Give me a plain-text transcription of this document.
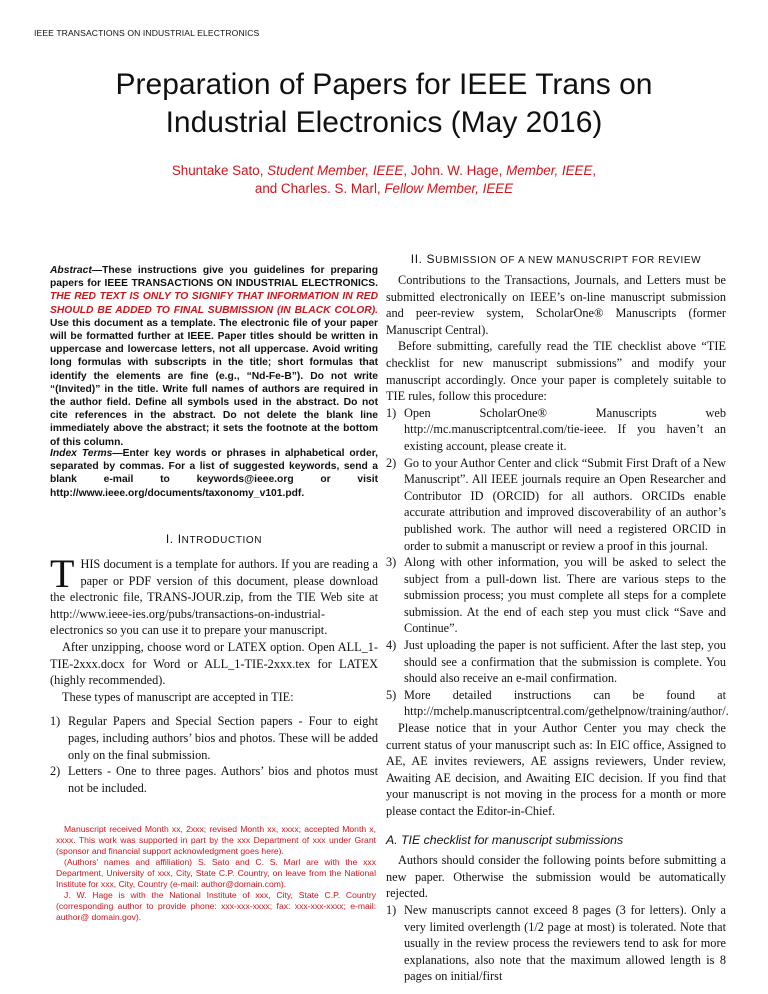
IEEE TRANSACTIONS ON INDUSTRIAL ELECTRONICS
Preparation of Papers for IEEE Trans on
Industrial Electronics (May 2016)
Shuntake Sato, Student Member, IEEE, John. W. Hage, Member, IEEE,
and Charles. S. Marl, Fellow Member, IEEE
Abstract—These instructions give you guidelines for preparing papers for IEEE TRANSACTIONS ON INDUSTRIAL ELECTRONICS. THE RED TEXT IS ONLY TO SIGNIFY THAT INFORMATION IN RED SHOULD BE ADDED TO FINAL SUBMISSION (IN BLACK COLOR). Use this document as a template. The electronic file of your paper will be formatted further at IEEE. Paper titles should be written in uppercase and lowercase letters, not all uppercase. Avoid writing long formulas with subscripts in the title; short formulas that identify the elements are fine (e.g., “Nd-Fe-B”). Do not write “(Invited)” in the title. Write full names of authors are required in the author field. Define all symbols used in the abstract. Do not cite references in the abstract. Do not delete the blank line immediately above the abstract; it sets the footnote at the bottom of this column.
Index Terms—Enter key words or phrases in alphabetical order, separated by commas. For a list of suggested keywords, send a blank e-mail to keywords@ieee.org or visit http://www.ieee.org/documents/taxonomy_v101.pdf.
I. INTRODUCTION

THIS document is a template for authors. If you are reading a paper or PDF version of this document, please download the electronic file, TRANS-JOUR.zip, from the TIE Web site at http://www.ieee-ies.org/pubs/transactions-on-industrial-electronics so you can use it to prepare your manuscript.

After unzipping, choose word or LATEX option. Open ALL_1-TIE-2xxx.docx for Word or ALL_1-TIE-2xxx.tex for LATEX (highly recommended).

These types of manuscript are accepted in TIE:

1) Regular Papers and Special Section papers - Four to eight pages, including authors’ bios and photos. These will be added only on the final submission.
2) Letters - One to three pages. Authors’ bios and photos must not be included.

Manuscript received Month xx, 2xxx; revised Month xx, xxxx; accepted Month x, xxxx. This work was supported in part by the xxx Department of xxx under Grant (sponsor and financial support acknowledgment goes here).

(Authors’ names and affiliation) S. Sato and C. S. Marl are with the xxx Department, University of xxx, City, State C.P. Country, on leave from the National Institute for xxx, City, Country (e-mail: author@domain.com).

J. W. Hage is with the National Institute of xxx, City, State C.P. Country (corresponding author to provide phone: xxx-xxx-xxxx; fax: xxx-xxx-xxxx; e-mail: author@ domain.gov).

II. SUBMISSION OF A NEW MANUSCRIPT FOR REVIEW

Contributions to the Transactions, Journals, and Letters must be submitted electronically on IEEE’s on-line manuscript submission and peer-review system, ScholarOne® Manuscripts (former Manuscript Central).

Before submitting, carefully read the TIE checklist above “TIE checklist for new manuscript submissions” and modify your manuscript accordingly. Once your paper is completely suitable to TIE rules, follow this procedure:

1) Open ScholarOne® Manuscripts web http://mc.manuscriptcentral.com/tie-ieee. If you haven’t an existing account, please create it.
2) Go to your Author Center and click “Submit First Draft of a New Manuscript”. All IEEE journals require an Open Researcher and Contributor ID (ORCID) for all authors. ORCIDs enable accurate attribution and improved discoverability of an author’s published work. The author will need a registered ORCID in order to submit a manuscript or review a proof in this journal.
3) Along with other information, you will be asked to select the subject from a pull-down list. There are various steps to the submission process; you must complete all steps for a complete submission. At the end of each step you must click “Save and Continue”.
4) Just uploading the paper is not sufficient. After the last step, you should see a confirmation that the submission is complete. You should also receive an e-mail confirmation.
5) More detailed instructions can be found at http://mchelp.manuscriptcentral.com/gethelpnow/training/author/.

Please notice that in your Author Center you may check the current status of your manuscript such as: In EIC office, Assigned to AE, AE invites reviewers, AE assigns reviewers, Under review, Awaiting AE decision, and Awaiting EIC decision. If you find that your manuscript is not moving in the process for a month or more please contact the Editor-in-Chief.

A. TIE checklist for manuscript submissions

Authors should consider the following points before submitting a new paper. Otherwise the submission would be automatically rejected.

1) New manuscripts cannot exceed 8 pages (3 for letters). Only a very limited overlength (1/2 page at most) is tolerated. Note that usually in the review process the reviewers tend to ask for more explanations, also note that the maximum allowed length is 8 pages on initial/first
